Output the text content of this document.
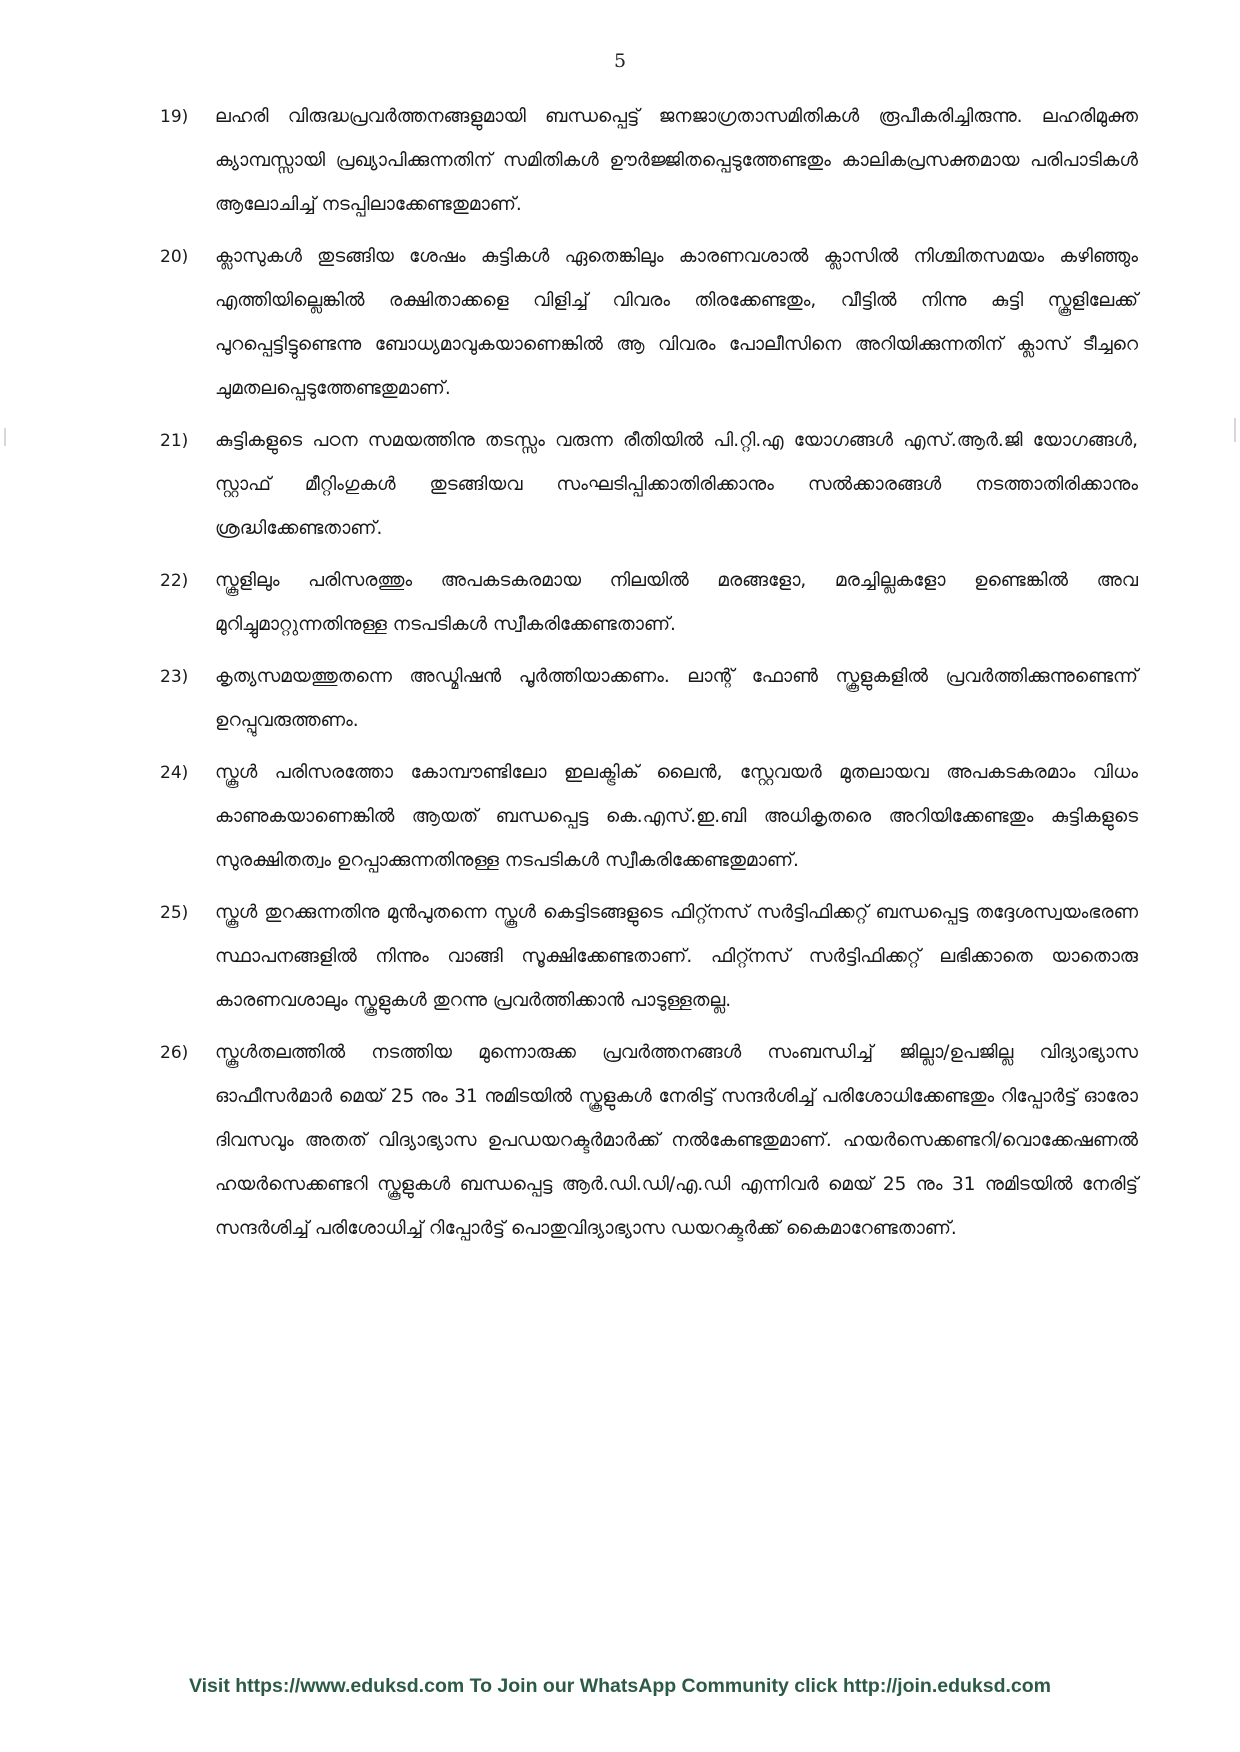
5
19)	ലഹരി വിരുദ്ധപ്രവർത്തനങ്ങളുമായി ബന്ധപ്പെട്ട് ജനജാഗ്രതാസമിതികൾ രൂപീകരിച്ചിരുന്നു. ലഹരിമുക്ത ക്യാമ്പസ്സായി പ്രഖ്യാപിക്കുന്നതിന് സമിതികൾ ഊർജ്ജിതപ്പെടുത്തേണ്ടതും കാലികപ്രസക്തമായ പരിപാടികൾ ആലോചിച്ച് നടപ്പിലാക്കേണ്ടതുമാണ്.
20)	ക്ലാസുകൾ തുടങ്ങിയ ശേഷം കുട്ടികൾ ഏതെങ്കിലും കാരണവശാൽ ക്ലാസിൽ നിശ്ചിതസമയം കഴിഞ്ഞും എത്തിയില്ലെങ്കിൽ രക്ഷിതാക്കളെ വിളിച്ച് വിവരം തിരക്കേണ്ടതും, വീട്ടിൽ നിന്നു കുട്ടി സ്കൂളിലേക്ക് പുറപ്പെട്ടിട്ടുണ്ടെന്നു ബോധ്യമാവുകയാണെങ്കിൽ ആ വിവരം പോലീസിനെ അറിയിക്കുന്നതിന് ക്ലാസ് ടീച്ചറെ ചുമതലപ്പെടുത്തേണ്ടതുമാണ്.
21)	കുട്ടികളുടെ പഠന സമയത്തിനു തടസ്സം വരുന്ന രീതിയിൽ പി.റ്റി.എ യോഗങ്ങൾ എസ്.ആർ.ജി യോഗങ്ങൾ, സ്റ്റാഫ് മീറ്റിംഗുകൾ തുടങ്ങിയവ സംഘടിപ്പിക്കാതിരിക്കാനും സൽക്കാരങ്ങൾ നടത്താതിരിക്കാനും ശ്രദ്ധിക്കേണ്ടതാണ്.
22)	സ്കൂളിലും പരിസരത്തും അപകടകരമായ നിലയിൽ മരങ്ങളോ, മരച്ചില്ലകളോ ഉണ്ടെങ്കിൽ അവ മുറിച്ചുമാറ്റുന്നതിനുള്ള നടപടികൾ സ്വീകരിക്കേണ്ടതാണ്.
23)	കൃത്യസമയത്തുതന്നെ അഡ്മിഷൻ പൂർത്തിയാക്കണം. ലാന്റ് ഫോൺ സ്കൂളുകളിൽ പ്രവർത്തിക്കുന്നുണ്ടെന്ന് ഉറപ്പുവരുത്തണം.
24)	സ്കൂൾ പരിസരത്തോ കോമ്പൗണ്ടിലോ ഇലക്ട്രിക് ലൈൻ, സ്റ്റേവയർ മുതലായവ അപകടകരമാം വിധം കാണുകയാണെങ്കിൽ ആയത് ബന്ധപ്പെട്ട കെ.എസ്.ഇ.ബി അധികൃതരെ അറിയിക്കേണ്ടതും കുട്ടികളുടെ സുരക്ഷിതത്വം ഉറപ്പാക്കുന്നതിനുള്ള നടപടികൾ സ്വീകരിക്കേണ്ടതുമാണ്.
25)	സ്കൂൾ തുറക്കുന്നതിനു മുൻപുതന്നെ സ്കൂൾ കെട്ടിടങ്ങളുടെ ഫിറ്റ്നസ് സർട്ടിഫിക്കറ്റ് ബന്ധപ്പെട്ട തദ്ദേശസ്വയംഭരണ സ്ഥാപനങ്ങളിൽ നിന്നും വാങ്ങി സൂക്ഷിക്കേണ്ടതാണ്. ഫിറ്റ്നസ് സർട്ടിഫിക്കറ്റ് ലഭിക്കാതെ യാതൊരു കാരണവശാലും സ്കൂളുകൾ തുറന്നു പ്രവർത്തിക്കാൻ പാടുള്ളതല്ല.
26)	സ്കൂൾതലത്തിൽ നടത്തിയ മുന്നൊരുക്ക പ്രവർത്തനങ്ങൾ സംബന്ധിച്ച് ജില്ലാ/ഉപജില്ല വിദ്യാഭ്യാസ ഓഫീസർമാർ മെയ് 25 നും 31 നുമിടയിൽ സ്കൂളുകൾ നേരിട്ട് സന്ദർശിച്ച് പരിശോധിക്കേണ്ടതും റിപ്പോർട്ട് ഓരോ ദിവസവും അതത് വിദ്യാഭ്യാസ ഉപഡയറക്ടർമാർക്ക് നൽകേണ്ടതുമാണ്. ഹയർസെക്കണ്ടറി/വൊക്കേഷണൽ ഹയർസെക്കണ്ടറി സ്കൂളുകൾ ബന്ധപ്പെട്ട ആർ.ഡി.ഡി/എ.ഡി എന്നിവർ മെയ് 25 നും 31 നുമിടയിൽ നേരിട്ട് സന്ദർശിച്ച് പരിശോധിച്ച് റിപ്പോർട്ട് പൊതുവിദ്യാഭ്യാസ ഡയറക്ടർക്ക് കൈമാറേണ്ടതാണ്.
Visit https://www.eduksd.com To Join our WhatsApp Community click http://join.eduksd.com
